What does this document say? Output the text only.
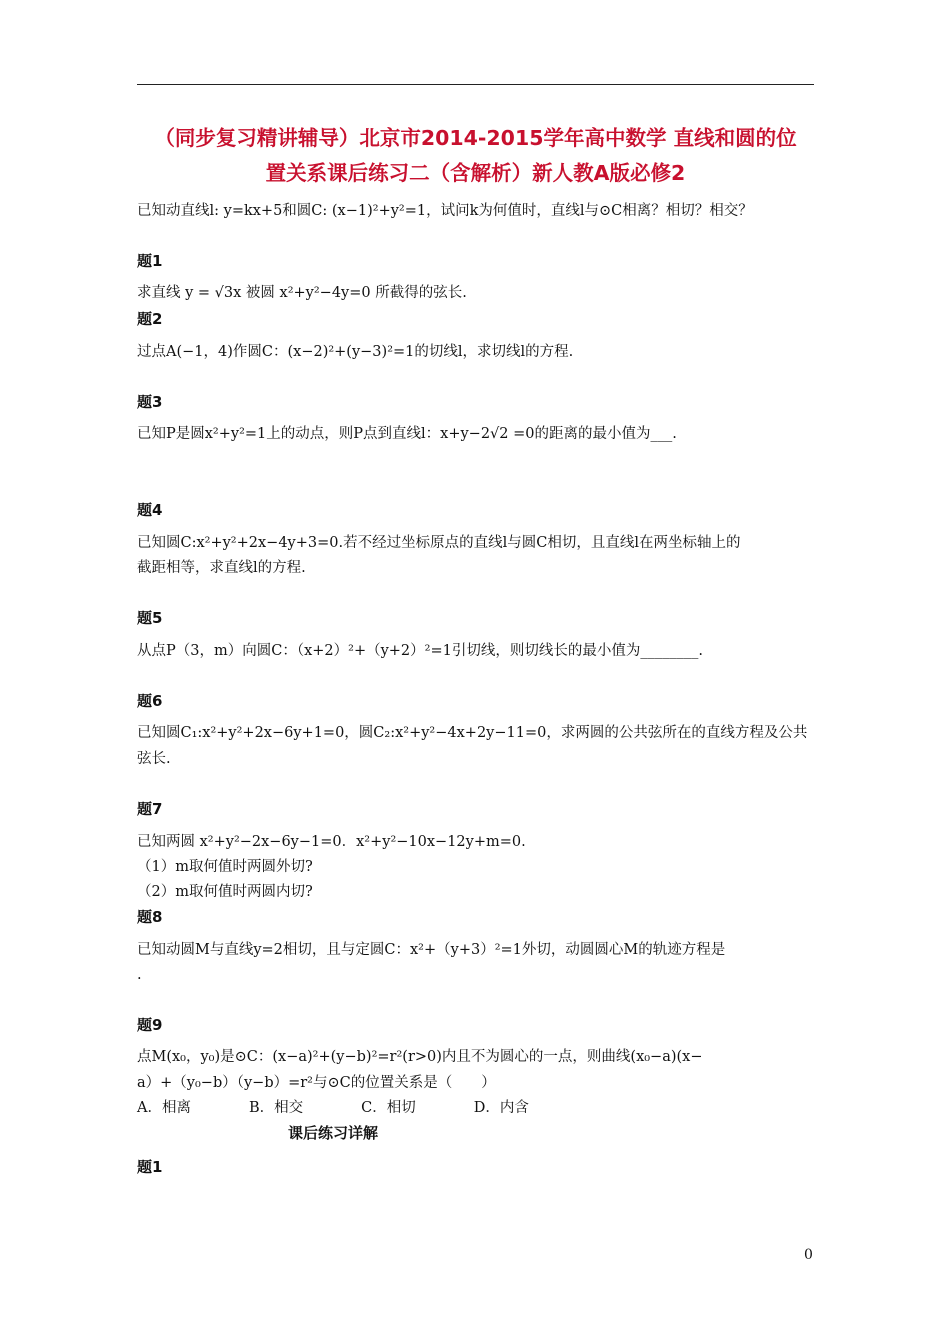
（同步复习精讲辅导）北京市2014-2015学年高中数学 直线和圆的位
置关系课后练习二（含解析）新人教A版必修2
已知动直线l: y=kx+5和圆C: (x−1)²+y²=1，试问k为何值时，直线l与⊙C相离？相切？相交？
题1
求直线 y = √3x 被圆 x²+y²−4y=0 所截得的弦长.
题2
过点A(−1，4)作圆C：(x−2)²+(y−3)²=1的切线l，求切线l的方程.
题3
已知P是圆x²+y²=1上的动点，则P点到直线l：x+y−2√2 =0的距离的最小值为___.
题4
已知圆C:x²+y²+2x−4y+3=0.若不经过坐标原点的直线l与圆C相切，且直线l在两坐标轴上的
截距相等，求直线l的方程.
题5
从点P（3，m）向圆C：（x+2）²+（y+2）²=1引切线，则切线长的最小值为________.
题6
已知圆C₁:x²+y²+2x−6y+1=0，圆C₂:x²+y²−4x+2y−11=0，求两圆的公共弦所在的直线方程及公共
弦长.
题7
已知两圆 x²+y²−2x−6y−1=0．x²+y²−10x−12y+m=0.
（1）m取何值时两圆外切?
（2）m取何值时两圆内切?
题8
已知动圆M与直线y=2相切，且与定圆C：x²+（y+3）²=1外切，动圆圆心M的轨迹方程是
.
题9
点M(x₀，y₀)是⊙C：(x−a)²+(y−b)²=r²(r>0)内且不为圆心的一点，则曲线(x₀−a)(x−
a）+（y₀−b）（y−b）=r²与⊙C的位置关系是（　　）
A．相离　　　　B．相交　　　　C．相切　　　　D．内含
课后练习详解
题1
0
